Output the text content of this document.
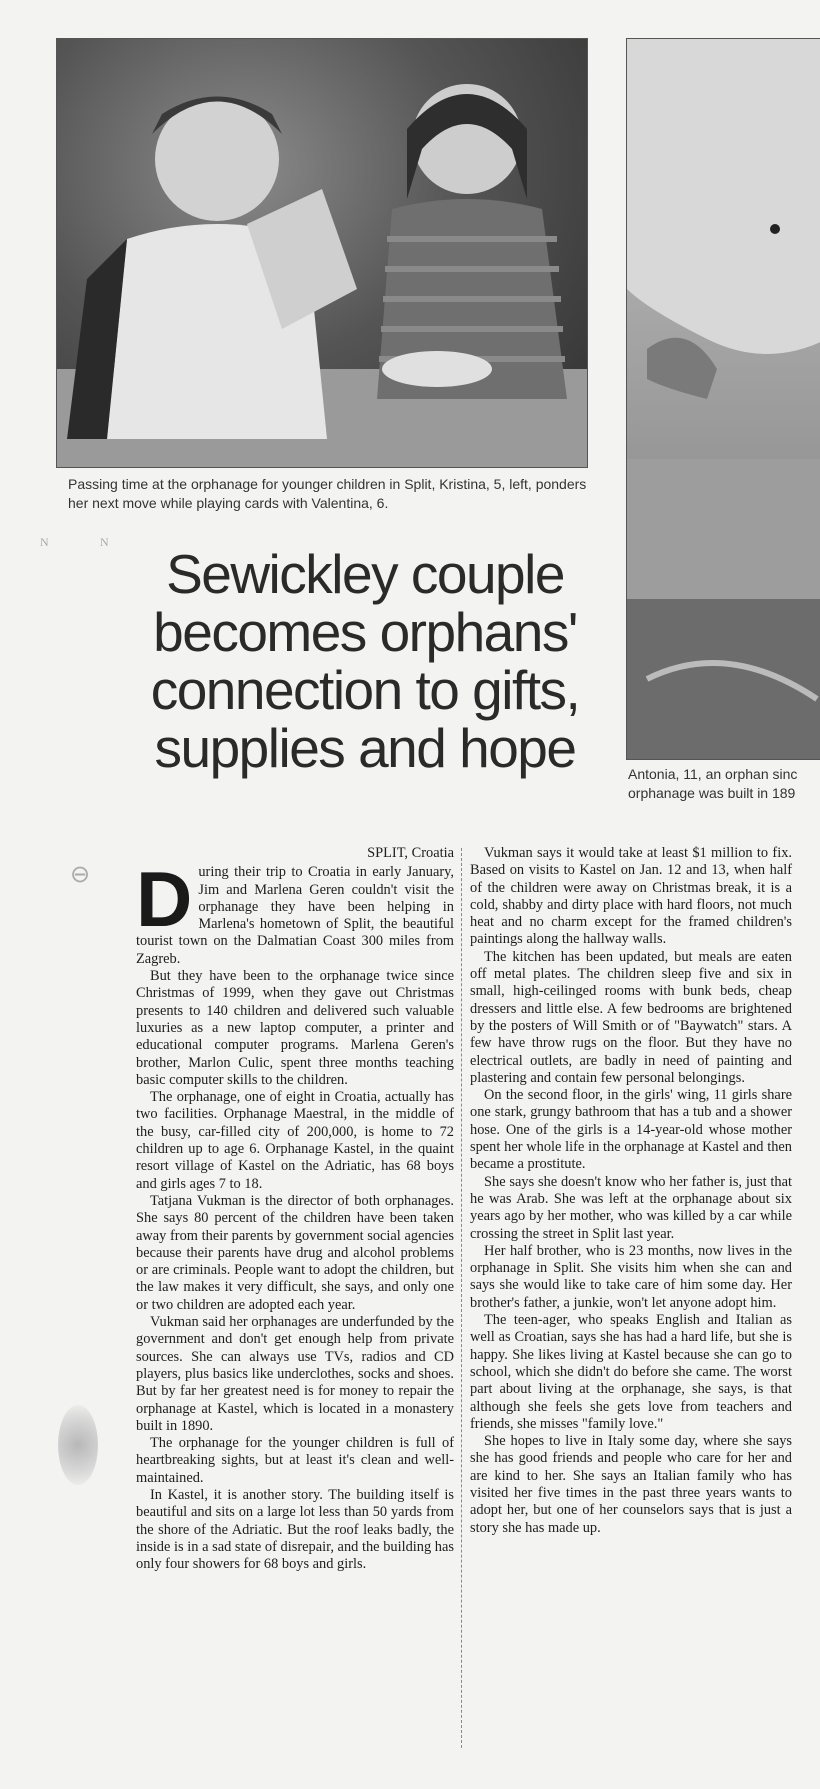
Passing time at the orphanage for younger children in Split, Kristina, 5, left, ponders her next move while playing cards with Valentina, 6.
Antonia, 11, an orphan sinc
orphanage was built in 189
Sewickley couple becomes orphans' connection to gifts, supplies and hope
SPLIT, Croatia
D uring their trip to Croatia in early January, Jim and Marlena Geren couldn't visit the orphanage they have been helping in Marlena's hometown of Split, the beautiful tourist town on the Dalmatian Coast 300 miles from Zagreb.

But they have been to the orphanage twice since Christmas of 1999, when they gave out Christmas presents to 140 children and delivered such valuable luxuries as a new laptop computer, a printer and educational computer programs. Marlena Geren's brother, Marlon Culic, spent three months teaching basic computer skills to the children.

The orphanage, one of eight in Croatia, actually has two facilities. Orphanage Maestral, in the middle of the busy, car-filled city of 200,000, is home to 72 children up to age 6. Orphanage Kastel, in the quaint resort village of Kastel on the Adriatic, has 68 boys and girls ages 7 to 18.

Tatjana Vukman is the director of both orphanages. She says 80 percent of the children have been taken away from their parents by government social agencies because their parents have drug and alcohol problems or are criminals. People want to adopt the children, but the law makes it very difficult, she says, and only one or two children are adopted each year.

Vukman said her orphanages are underfunded by the government and don't get enough help from private sources. She can always use TVs, radios and CD players, plus basics like underclothes, socks and shoes. But by far her greatest need is for money to repair the orphanage at Kastel, which is located in a monastery built in 1890.

The orphanage for the younger children is full of heartbreaking sights, but at least it's clean and well-maintained.

In Kastel, it is another story. The building itself is beautiful and sits on a large lot less than 50 yards from the shore of the Adriatic. But the roof leaks badly, the inside is in a sad state of disrepair, and the building has only four showers for 68 boys and girls.

Vukman says it would take at least $1 million to fix. Based on visits to Kastel on Jan. 12 and 13, when half of the children were away on Christmas break, it is a cold, shabby and dirty place with hard floors, not much heat and no charm except for the framed children's paintings along the hallway walls.

The kitchen has been updated, but meals are eaten off metal plates. The children sleep five and six in small, high-ceilinged rooms with bunk beds, cheap dressers and little else. A few bedrooms are brightened by the posters of Will Smith or of "Baywatch" stars. A few have throw rugs on the floor. But they have no electrical outlets, are badly in need of painting and plastering and contain few personal belongings.

On the second floor, in the girls' wing, 11 girls share one stark, grungy bathroom that has a tub and a shower hose. One of the girls is a 14-year-old whose mother spent her whole life in the orphanage at Kastel and then became a prostitute.

She says she doesn't know who her father is, just that he was Arab. She was left at the orphanage about six years ago by her mother, who was killed by a car while crossing the street in Split last year.

Her half brother, who is 23 months, now lives in the orphanage in Split. She visits him when she can and says she would like to take care of him some day. Her brother's father, a junkie, won't let anyone adopt him.

The teen-ager, who speaks English and Italian as well as Croatian, says she has had a hard life, but she is happy. She likes living at Kastel because she can go to school, which she didn't do before she came. The worst part about living at the orphanage, she says, is that although she feels she gets love from teachers and friends, she misses "family love."

She hopes to live in Italy some day, where she says she has good friends and people who care for her and are kind to her. She says an Italian family who has visited her five times in the past three years wants to adopt her, but one of her counselors says that is just a story she has made up.

N	N
⊖
